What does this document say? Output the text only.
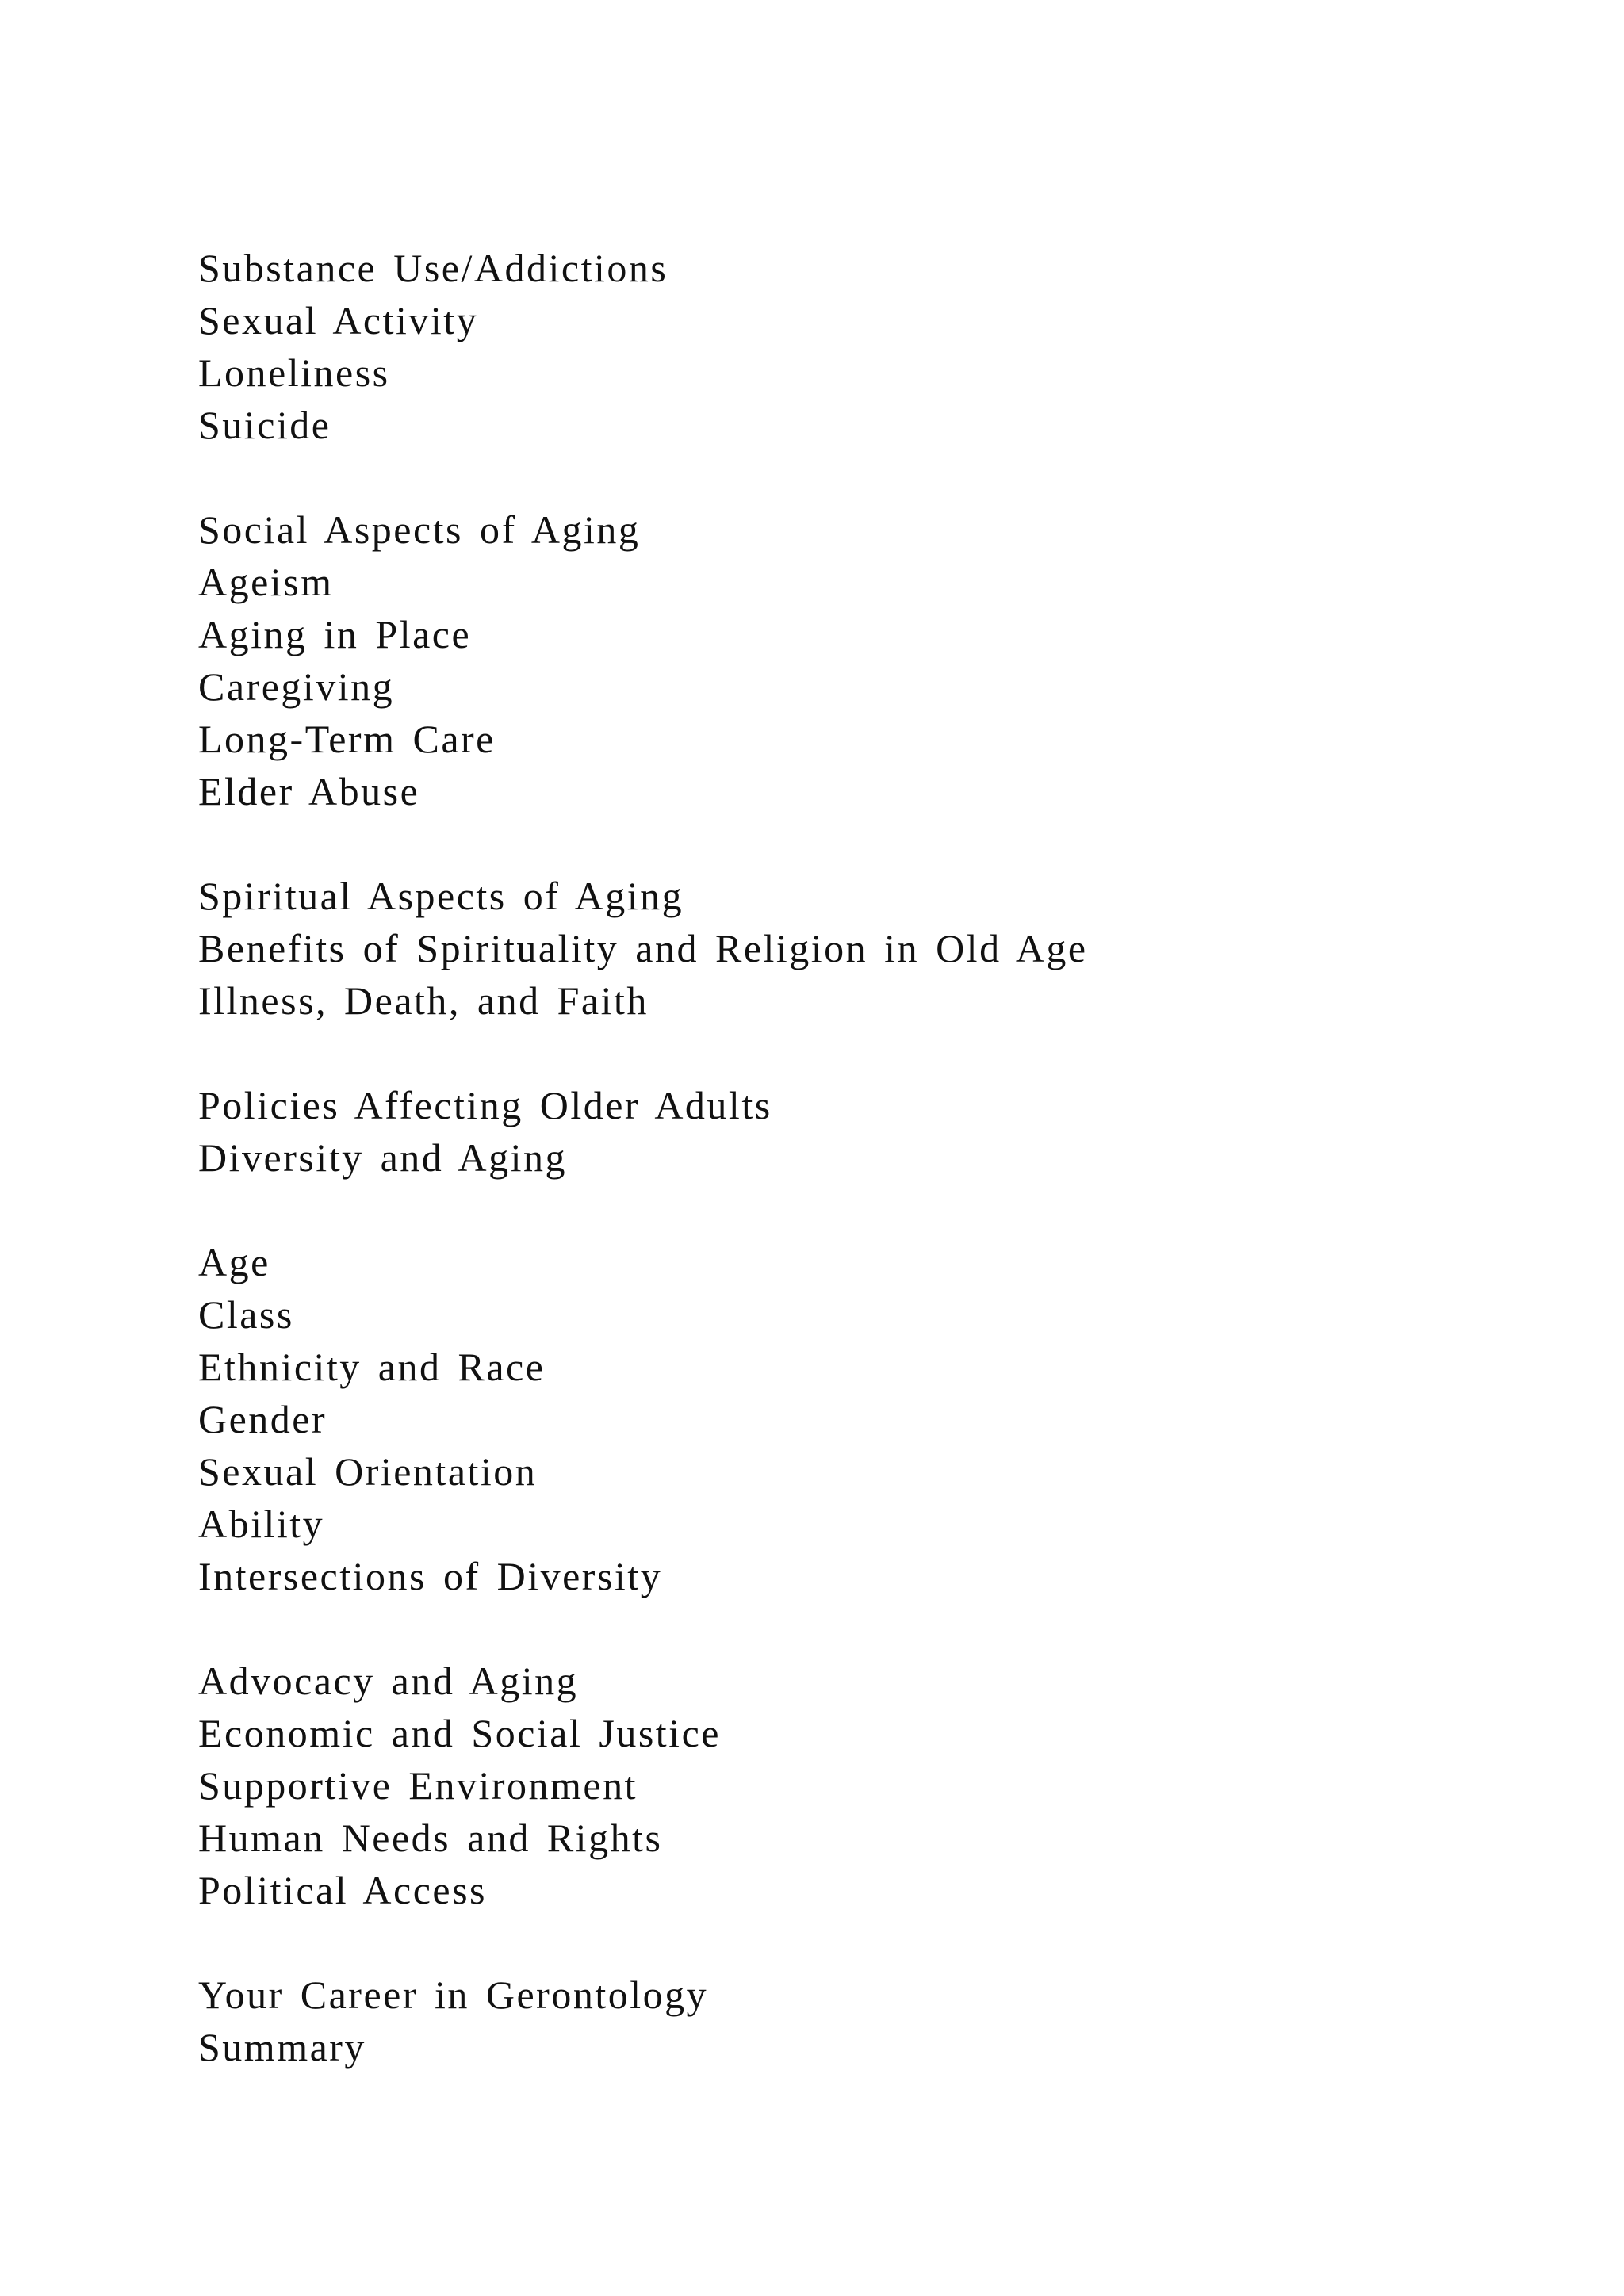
Substance Use/Addictions
Sexual Activity
Loneliness
Suicide
Social Aspects of Aging
Ageism
Aging in Place
Caregiving
Long-Term Care
Elder Abuse
Spiritual Aspects of Aging
Benefits of Spirituality and Religion in Old Age
Illness, Death, and Faith
Policies Affecting Older Adults
Diversity and Aging
Age
Class
Ethnicity and Race
Gender
Sexual Orientation
Ability
Intersections of Diversity
Advocacy and Aging
Economic and Social Justice
Supportive Environment
Human Needs and Rights
Political Access
Your Career in Gerontology
Summary
